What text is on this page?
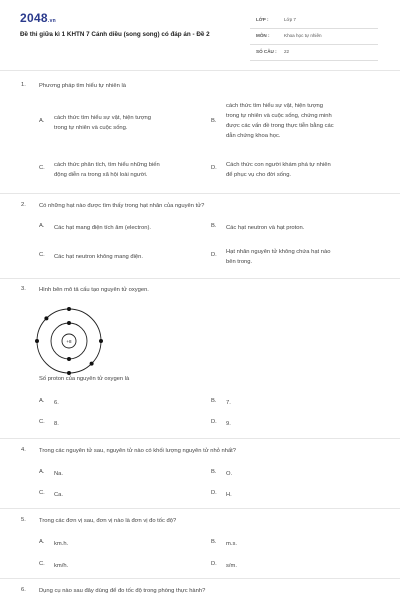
2048.vn
Đề thi giữa kì 1 KHTN 7 Cánh diều (song song) có đáp án - Đề 2
LỚP :	Lớp 7
MÔN :	Khoa học tự nhiên
SỐ CÂU : 22
1. Phương pháp tìm hiểu tự nhiên là
A. cách thức tìm hiểu sự vật, hiện tượng
trong tự nhiên và cuộc sống.
B.
cách thức tìm hiểu sự vật, hiện tượng
trong tự nhiên và cuộc sống, chứng minh
được các vấn đề trong thực tiễn bằng các
dẫn chứng khoa học.
C. cách thức phân tích, tìm hiểu những biến
động diễn ra trong xã hội loài người.
D. Cách thức con người khám phá tự nhiên
để phục vụ cho đời sống.
2. Có những hạt nào được tìm thấy trong hạt nhân của nguyên tử?
A. Các hạt mang điện tích âm (electron).	B. Các hạt neutron và hạt proton.
C. Các hạt neutron không mang điện.	D. Hạt nhân nguyên tử không chứa hạt nào
bên trong.
3. Hình bên mô tả cấu tạo nguyên tử oxygen.
+8
Số proton của nguyên tử oxygen là
A. 6.	B. 7.
C. 8.	D. 9.
4. Trong các nguyên tử sau, nguyên tử nào có khối lượng nguyên tử nhỏ nhất?
A. Na.	B. O.
C. Ca.	D. H.
5. Trong các đơn vị sau, đơn vị nào là đơn vị đo tốc độ?
A. km.h.	B. m.s.
C. km/h.	D. s/m.
6. Dụng cụ nào sau đây dùng để đo tốc độ trong phòng thực hành?
